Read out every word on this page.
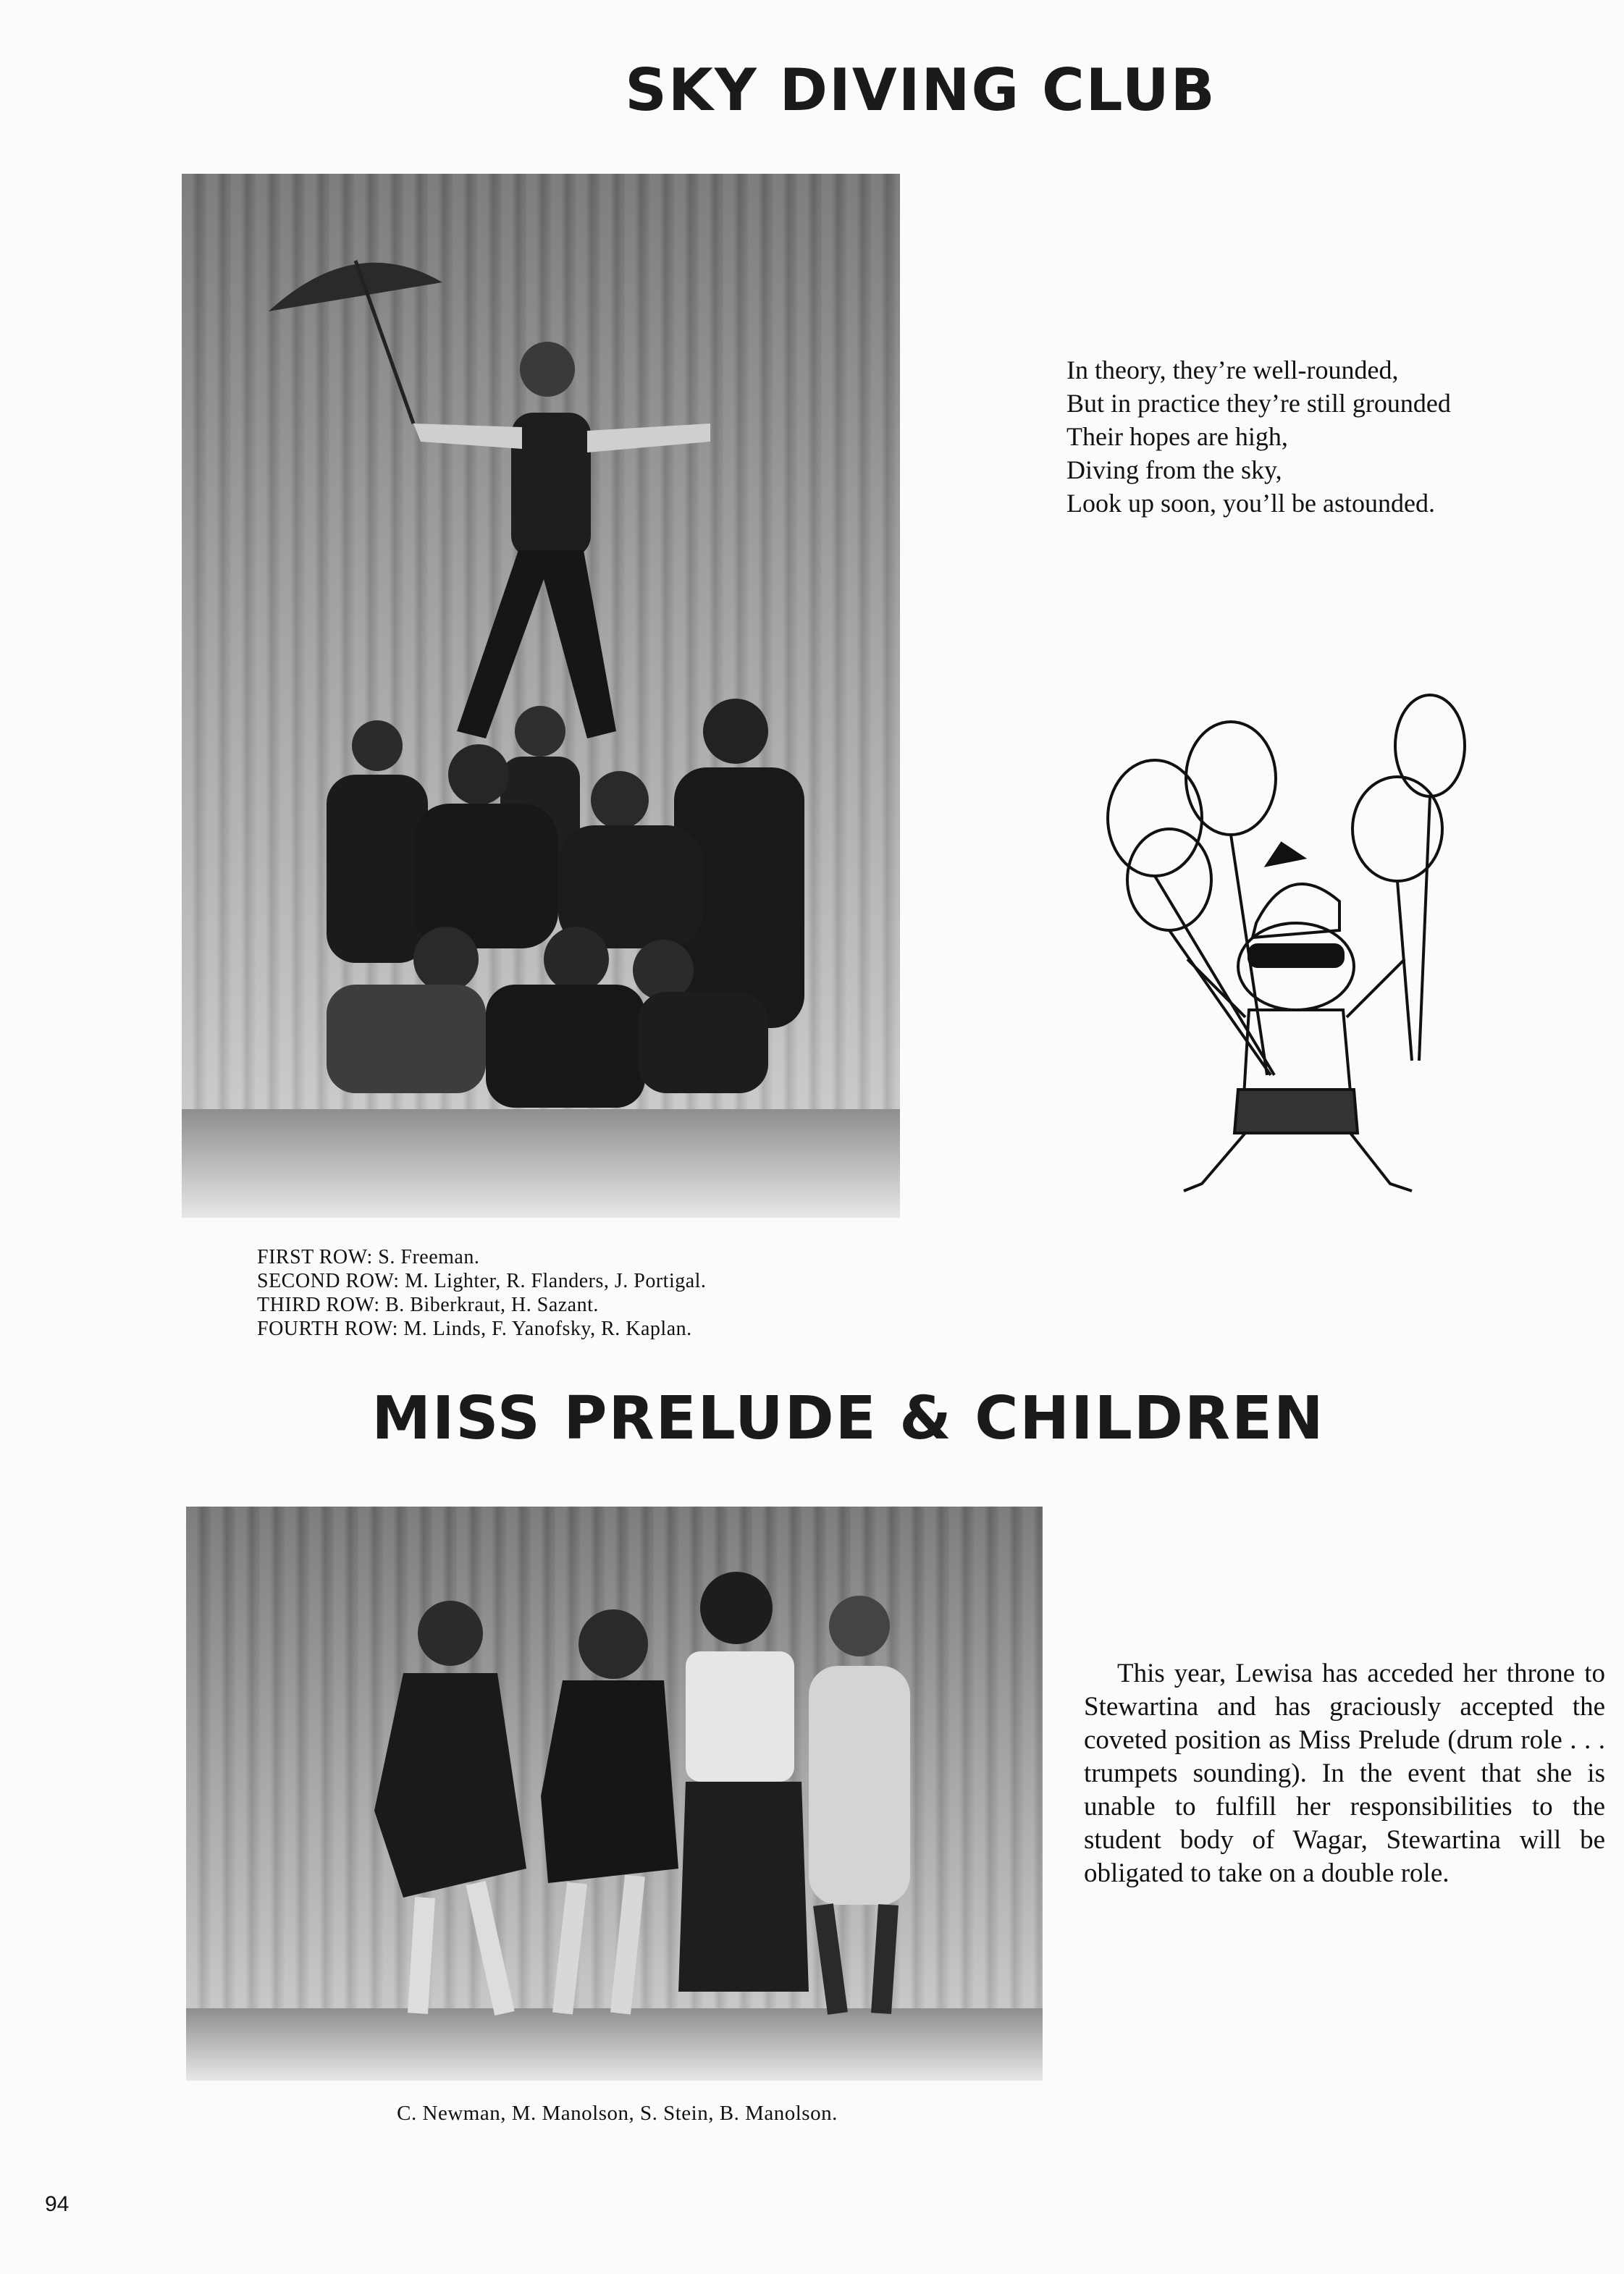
SKY DIVING CLUB
In theory, they’re well-rounded,
But in practice they’re still grounded
Their hopes are high,
Diving from the sky,
Look up soon, you’ll be astounded.
FIRST ROW: S. Freeman.
SECOND ROW: M. Lighter, R. Flanders, J. Portigal.
THIRD ROW: B. Biberkraut, H. Sazant.
FOURTH ROW: M. Linds, F. Yanofsky, R. Kaplan.
MISS PRELUDE & CHILDREN

This year, Lewisa has acceded her throne to Stewartina and has graciously accepted the coveted position as Miss Prelude (drum role . . . trumpets sounding). In the event that she is unable to fulfill her responsibilities to the student body of Wagar, Stewartina will be obligated to take on a double role.

C. Newman, M. Manolson, S. Stein, B. Manolson.
94
